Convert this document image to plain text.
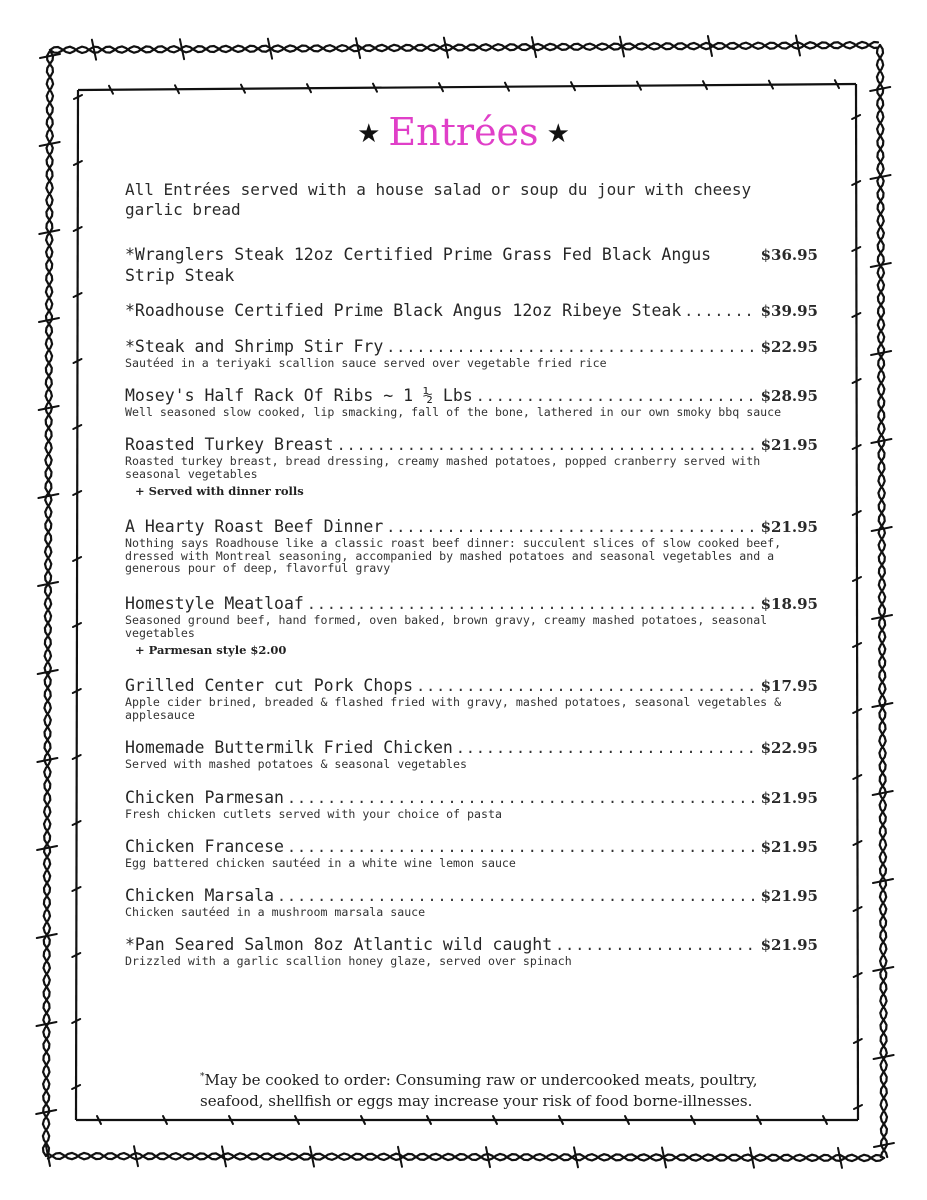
★ Entrées ★
All Entrées served with a house salad or soup du jour with cheesy garlic bread
*Wranglers Steak 12oz Certified Prime Grass Fed Black Angus Strip Steak
$36.95
*Roadhouse Certified Prime Black Angus 12oz Ribeye Steak .....	$39.95
*Steak and Shrimp Stir Fry .....	$22.95
Sautéed in a teriyaki scallion sauce served over vegetable fried rice
Mosey's Half Rack Of Ribs ~ 1 ½ Lbs .....	$28.95
Well seasoned slow cooked, lip smacking, fall of the bone, lathered in our own smoky bbq sauce
Roasted Turkey Breast .....	$21.95
Roasted turkey breast, bread dressing, creamy mashed potatoes, popped cranberry served with seasonal vegetables
+ Served with dinner rolls
A Hearty Roast Beef Dinner .....	$21.95
Nothing says Roadhouse like a classic roast beef dinner: succulent slices of slow cooked beef, dressed with Montreal seasoning, accompanied by mashed potatoes and seasonal vegetables and a generous pour of deep, flavorful gravy
Homestyle Meatloaf .....	$18.95
Seasoned ground beef, hand formed, oven baked, brown gravy, creamy mashed potatoes, seasonal vegetables
+ Parmesan style $2.00
Grilled Center cut Pork Chops .....	$17.95
Apple cider brined, breaded & flashed fried with gravy, mashed potatoes, seasonal vegetables & applesauce
Homemade Buttermilk Fried Chicken .....	$22.95
Served with mashed potatoes & seasonal vegetables
Chicken Parmesan .....	$21.95
Fresh chicken cutlets served with your choice of pasta
Chicken Francese .....	$21.95
Egg battered chicken sautéed in a white wine lemon sauce
Chicken Marsala .....	$21.95
Chicken sautéed in a mushroom marsala sauce
*Pan Seared Salmon 8oz Atlantic wild caught .....	$21.95
Drizzled with a garlic scallion honey glaze, served over spinach
*May be cooked to order: Consuming raw or undercooked meats, poultry, seafood, shellfish or eggs may increase your risk of food borne-illnesses.
